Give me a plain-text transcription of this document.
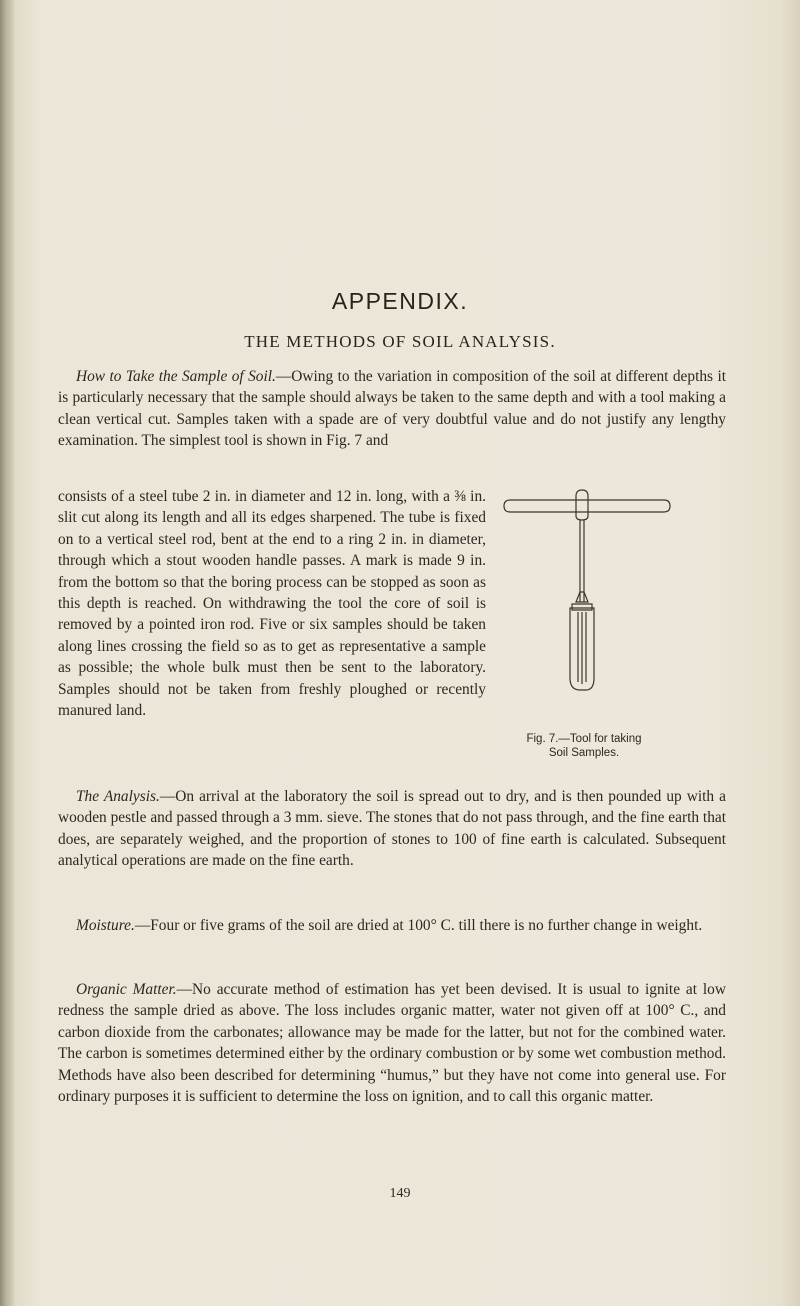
APPENDIX.
THE METHODS OF SOIL ANALYSIS.
How to Take the Sample of Soil.—Owing to the variation in composition of the soil at different depths it is particularly necessary that the sample should always be taken to the same depth and with a tool making a clean vertical cut. Samples taken with a spade are of very doubtful value and do not justify any lengthy examination. The simplest tool is shown in Fig. 7 and
consists of a steel tube 2 in. in diameter and 12 in. long, with a ⅜ in. slit cut along its length and all its edges sharpened. The tube is fixed on to a vertical steel rod, bent at the end to a ring 2 in. in diameter, through which a stout wooden handle passes. A mark is made 9 in. from the bottom so that the boring process can be stopped as soon as this depth is reached. On withdrawing the tool the core of soil is removed by a pointed iron rod. Five or six samples should be taken along lines crossing the field so as to get as representative a sample as possible; the whole bulk must then be sent to the laboratory. Samples should not be taken from freshly ploughed or recently manured land.
Fig. 7.—Tool for taking
Soil Samples.
The Analysis.—On arrival at the laboratory the soil is spread out to dry, and is then pounded up with a wooden pestle and passed through a 3 mm. sieve. The stones that do not pass through, and the fine earth that does, are separately weighed, and the proportion of stones to 100 of fine earth is calculated. Subsequent analytical operations are made on the fine earth.
Moisture.—Four or five grams of the soil are dried at 100° C. till there is no further change in weight.
Organic Matter.—No accurate method of estimation has yet been devised. It is usual to ignite at low redness the sample dried as above. The loss includes organic matter, water not given off at 100° C., and carbon dioxide from the carbonates; allowance may be made for the latter, but not for the combined water. The carbon is sometimes determined either by the ordinary combustion or by some wet combustion method. Methods have also been described for determining “humus,” but they have not come into general use. For ordinary purposes it is sufficient to determine the loss on ignition, and to call this organic matter.
149
